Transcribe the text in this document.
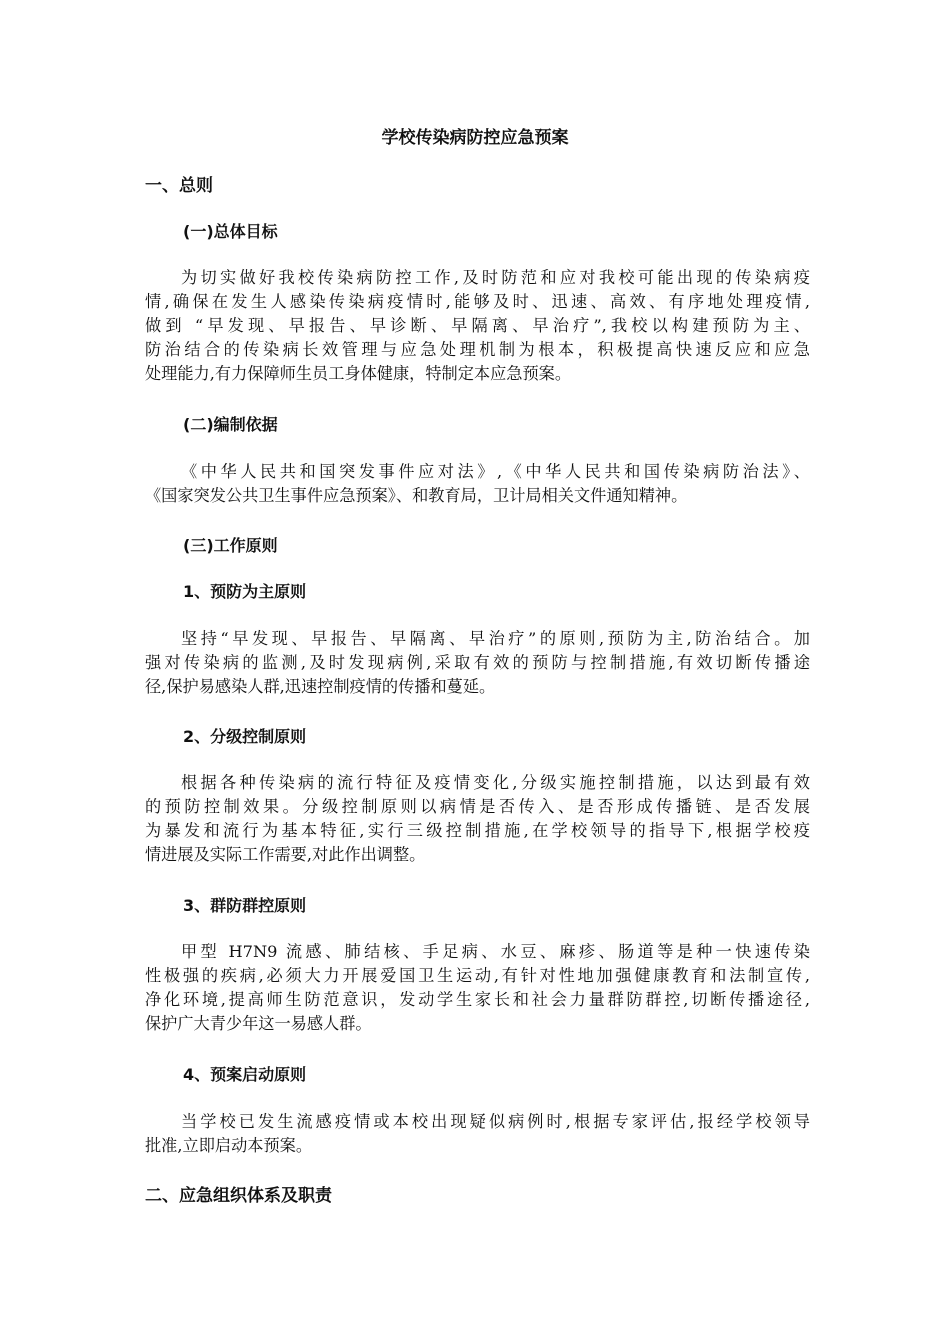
学校传染病防控应急预案
一、总则
(一)总体目标
为切实做好我校传染病防控工作,及时防范和应对我校可能出现的传染病疫
情,确保在发生人感染传染病疫情时,能够及时、迅速、高效、有序地处理疫情,
做到 “早发现、早报告、早诊断、早隔离、早治疗”,我校以构建预防为主、
防治结合的传染病长效管理与应急处理机制为根本，积极提高快速反应和应急
处理能力,有力保障师生员工身体健康，特制定本应急预案。
(二)编制依据
《中华人民共和国突发事件应对法》,《中华人民共和国传染病防治法》、
《国家突发公共卫生事件应急预案》、和教育局，卫计局相关文件通知精神。
(三)工作原则
1、预防为主原则
坚持“早发现、早报告、早隔离、早治疗”的原则,预防为主,防治结合。加
强对传染病的监测,及时发现病例,采取有效的预防与控制措施,有效切断传播途
径,保护易感染人群,迅速控制疫情的传播和蔓延。
2、分级控制原则
根据各种传染病的流行特征及疫情变化,分级实施控制措施，以达到最有效
的预防控制效果。分级控制原则以病情是否传入、是否形成传播链、是否发展
为暴发和流行为基本特征,实行三级控制措施,在学校领导的指导下,根据学校疫
情进展及实际工作需要,对此作出调整。
3、群防群控原则
甲型 H7N9 流感、肺结核、手足病、水豆、麻疹、肠道等是种一快速传染
性极强的疾病,必须大力开展爱国卫生运动,有针对性地加强健康教育和法制宣传,
净化环境,提高师生防范意识，发动学生家长和社会力量群防群控,切断传播途径,
保护广大青少年这一易感人群。
4、预案启动原则
当学校已发生流感疫情或本校出现疑似病例时,根据专家评估,报经学校领导
批准,立即启动本预案。
二、应急组织体系及职责
